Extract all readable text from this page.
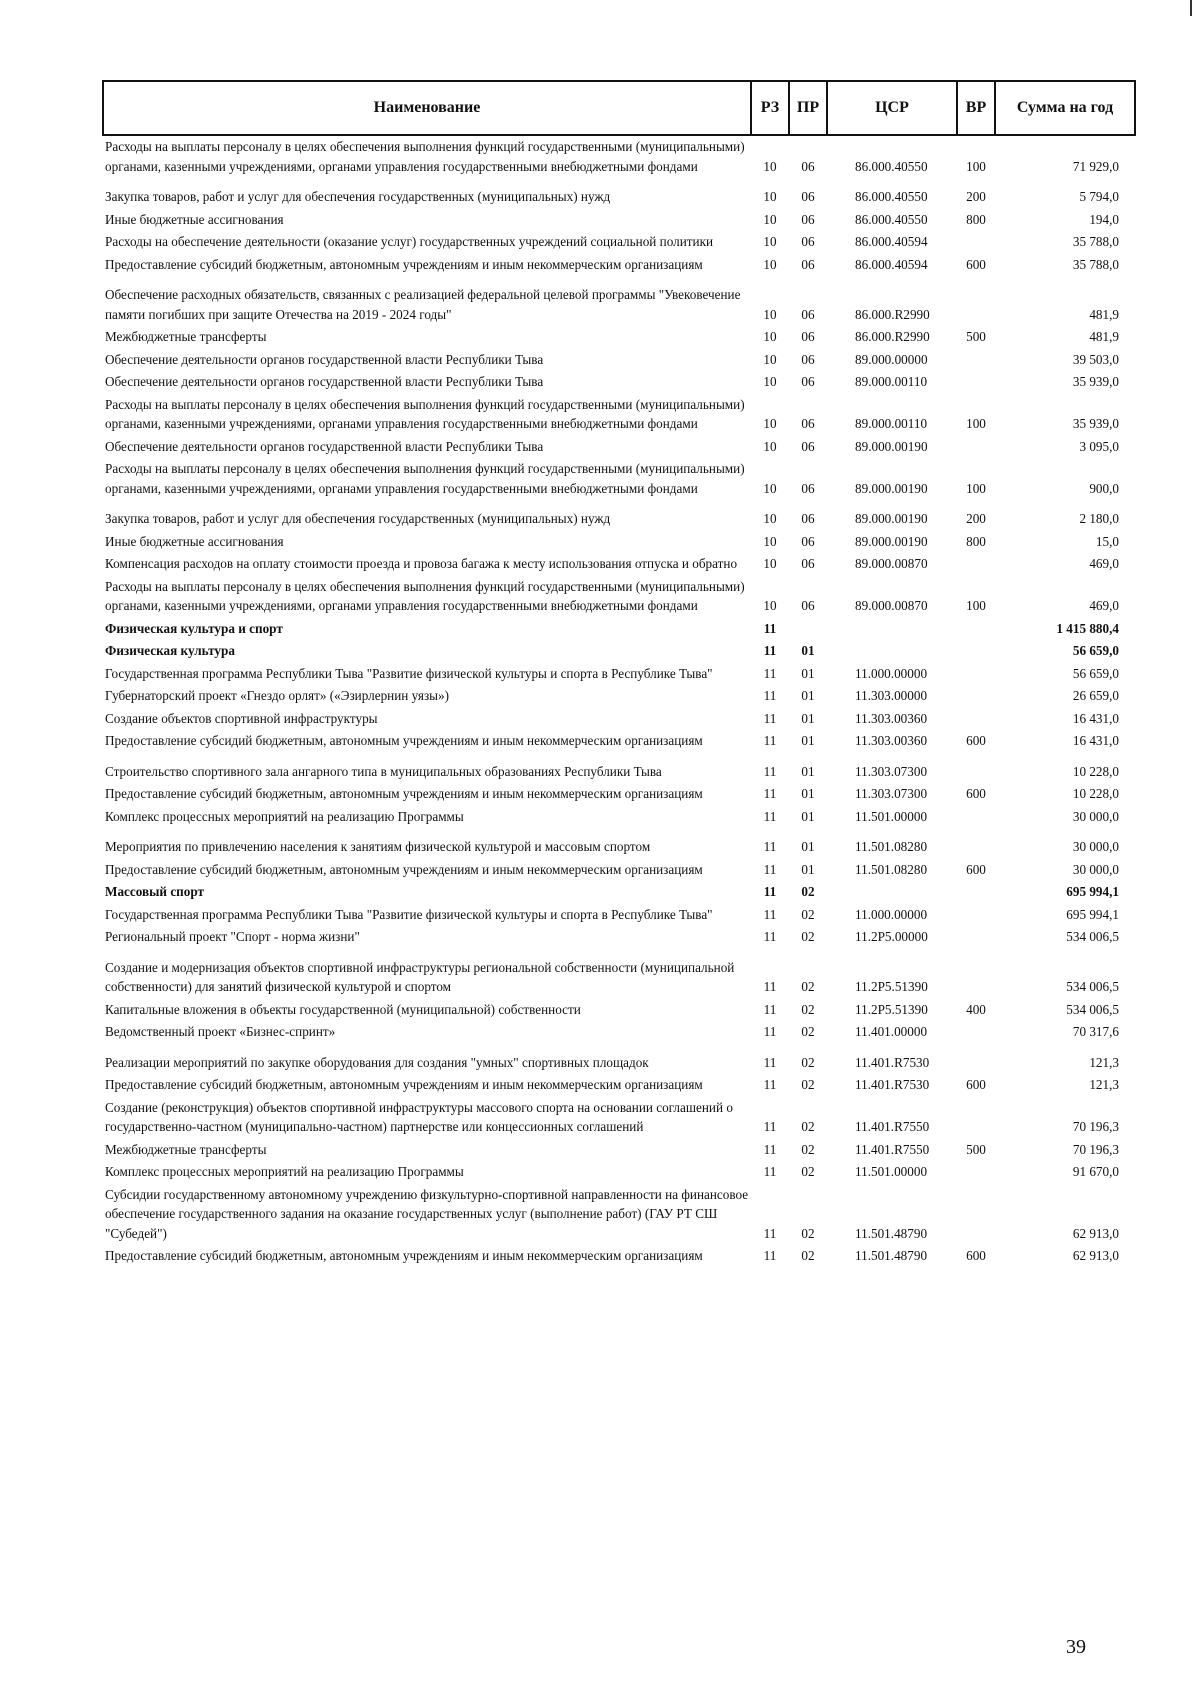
Наименование	РЗ	ПР	ЦСР	ВР	Сумма на год
Расходы на выплаты персоналу в целях обеспечения выполнения функций государственными (муниципальными) органами, казенными учреждениями, органами управления государственными внебюджетными фондами	10	06	86.000.40550	100	71 929,0
Закупка товаров, работ и услуг для обеспечения государственных (муниципальных) нужд	10	06	86.000.40550	200	5 794,0
Иные бюджетные ассигнования	10	06	86.000.40550	800	194,0
Расходы на обеспечение деятельности (оказание услуг) государственных учреждений социальной политики	10	06	86.000.40594		35 788,0
Предоставление субсидий бюджетным, автономным учреждениям и иным некоммерческим организациям	10	06	86.000.40594	600	35 788,0
Обеспечение расходных обязательств, связанных с реализацией федеральной целевой программы "Увековечение памяти погибших при защите Отечества на 2019 - 2024 годы"	10	06	86.000.R2990		481,9
Межбюджетные трансферты	10	06	86.000.R2990	500	481,9
Обеспечение деятельности органов государственной власти Республики Тыва	10	06	89.000.00000		39 503,0
Обеспечение деятельности органов государственной власти Республики Тыва	10	06	89.000.00110		35 939,0
Расходы на выплаты персоналу в целях обеспечения выполнения функций государственными (муниципальными) органами, казенными учреждениями, органами управления государственными внебюджетными фондами	10	06	89.000.00110	100	35 939,0
Обеспечение деятельности органов государственной власти Республики Тыва	10	06	89.000.00190		3 095,0
Расходы на выплаты персоналу в целях обеспечения выполнения функций государственными (муниципальными) органами, казенными учреждениями, органами управления государственными внебюджетными фондами	10	06	89.000.00190	100	900,0
Закупка товаров, работ и услуг для обеспечения государственных (муниципальных) нужд	10	06	89.000.00190	200	2 180,0
Иные бюджетные ассигнования	10	06	89.000.00190	800	15,0
Компенсация расходов на оплату стоимости проезда и провоза багажа к месту использования отпуска и обратно	10	06	89.000.00870		469,0
Расходы на выплаты персоналу в целях обеспечения выполнения функций государственными (муниципальными) органами, казенными учреждениями, органами управления государственными внебюджетными фондами	10	06	89.000.00870	100	469,0
Физическая культура и спорт	11				1 415 880,4
Физическая культура	11	01			56 659,0
Государственная программа Республики Тыва "Развитие физической культуры и спорта в Республике Тыва"	11	01	11.000.00000		56 659,0
Губернаторский проект «Гнездо орлят» («Эзирлернин уязы»)	11	01	11.303.00000		26 659,0
Создание объектов спортивной инфраструктуры	11	01	11.303.00360		16 431,0
Предоставление субсидий бюджетным, автономным учреждениям и иным некоммерческим организациям	11	01	11.303.00360	600	16 431,0
Строительство спортивного зала ангарного типа в муниципальных образованиях Республики Тыва	11	01	11.303.07300		10 228,0
Предоставление субсидий бюджетным, автономным учреждениям и иным некоммерческим организациям	11	01	11.303.07300	600	10 228,0
Комплекс процессных мероприятий на реализацию Программы	11	01	11.501.00000		30 000,0
Мероприятия по привлечению населения к занятиям физической культурой и массовым спортом	11	01	11.501.08280		30 000,0
Предоставление субсидий бюджетным, автономным учреждениям и иным некоммерческим организациям	11	01	11.501.08280	600	30 000,0
Массовый спорт	11	02			695 994,1
Государственная программа Республики Тыва "Развитие физической культуры и спорта в Республике Тыва"	11	02	11.000.00000		695 994,1
Региональный проект "Спорт - норма жизни"	11	02	11.2Р5.00000		534 006,5
Создание и модернизация объектов спортивной инфраструктуры региональной собственности (муниципальной собственности) для занятий физической культурой и спортом	11	02	11.2Р5.51390		534 006,5
Капитальные вложения в объекты государственной (муниципальной) собственности	11	02	11.2Р5.51390	400	534 006,5
Ведомственный проект «Бизнес-спринт»	11	02	11.401.00000		70 317,6
Реализации мероприятий по закупке оборудования для создания "умных" спортивных площадок	11	02	11.401.R7530		121,3
Предоставление субсидий бюджетным, автономным учреждениям и иным некоммерческим организациям	11	02	11.401.R7530	600	121,3
Создание (реконструкция) объектов спортивной инфраструктуры массового спорта на основании соглашений о государственно-частном (муниципально-частном) партнерстве или концессионных соглашений	11	02	11.401.R7550		70 196,3
Межбюджетные трансферты	11	02	11.401.R7550	500	70 196,3
Комплекс процессных мероприятий на реализацию Программы	11	02	11.501.00000		91 670,0
Субсидии государственному автономному учреждению физкультурно-спортивной направленности на финансовое обеспечение государственного задания на оказание государственных услуг (выполнение работ) (ГАУ РТ СШ "Субедей")	11	02	11.501.48790		62 913,0
Предоставление субсидий бюджетным, автономным учреждениям и иным некоммерческим организациям	11	02	11.501.48790	600	62 913,0
39
